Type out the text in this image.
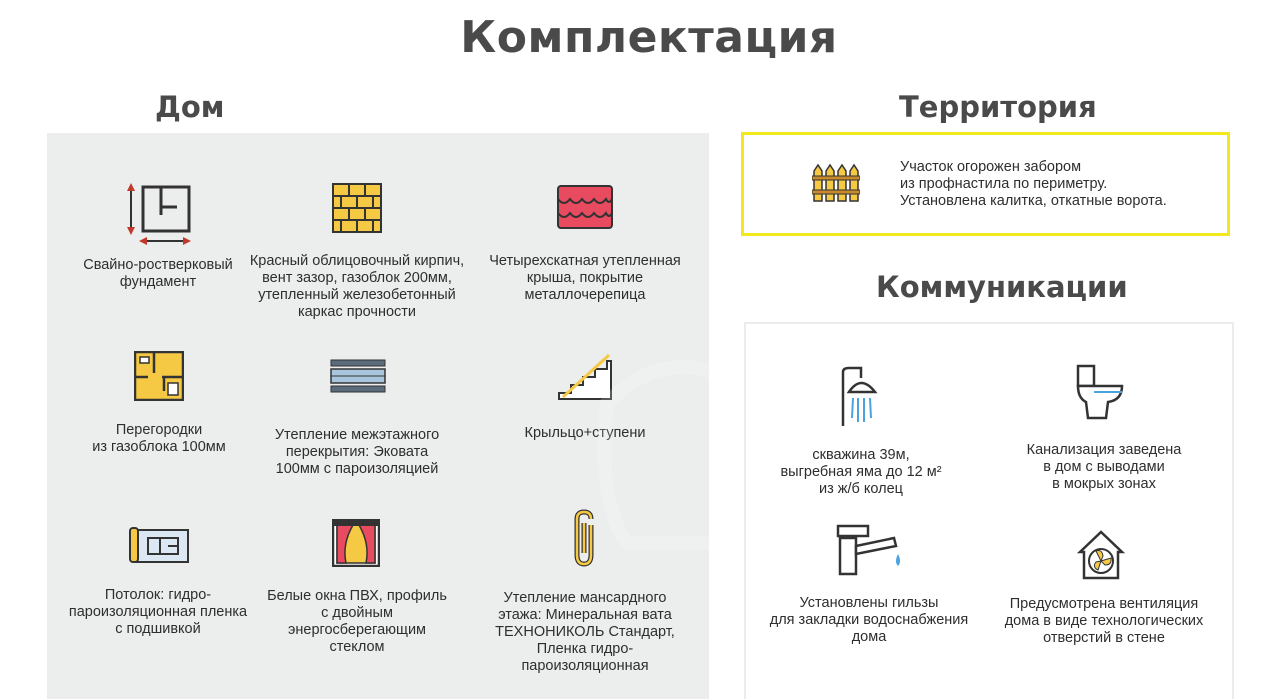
Комплектация
Дом	Территория
Коммуникации
Свайно-ростверковый
фундамент
Красный облицовочный кирпич,
вент зазор, газоблок 200мм,
утепленный железобетонный
каркас прочности
Четырехскатная утепленная
крыша, покрытие
металлочерепица
Перегородки
из газоблока 100мм
Утепление межэтажного
перекрытия: Эковата
100мм с пароизоляцией
Крыльцо+ступени
Потолок: гидро-
пароизоляционная пленка
с подшивкой
Белые окна ПВХ, профиль
с двойным
энергосберегающим
стеклом
Утепление мансардного
этажа: Минеральная вата
ТЕХНОНИКОЛЬ Стандарт,
Пленка гидро-
пароизоляционная
Участок огорожен забором
из профнастила по периметру.
Установлена калитка, откатные ворота.
скважина 39м,
выгребная яма до 12 м²
из ж/б колец
Канализация заведена
в дом с выводами
в мокрых зонах
Установлены гильзы
для закладки водоснабжения
дома
Предусмотрена вентиляция
дома в виде технологических
отверстий в стене
